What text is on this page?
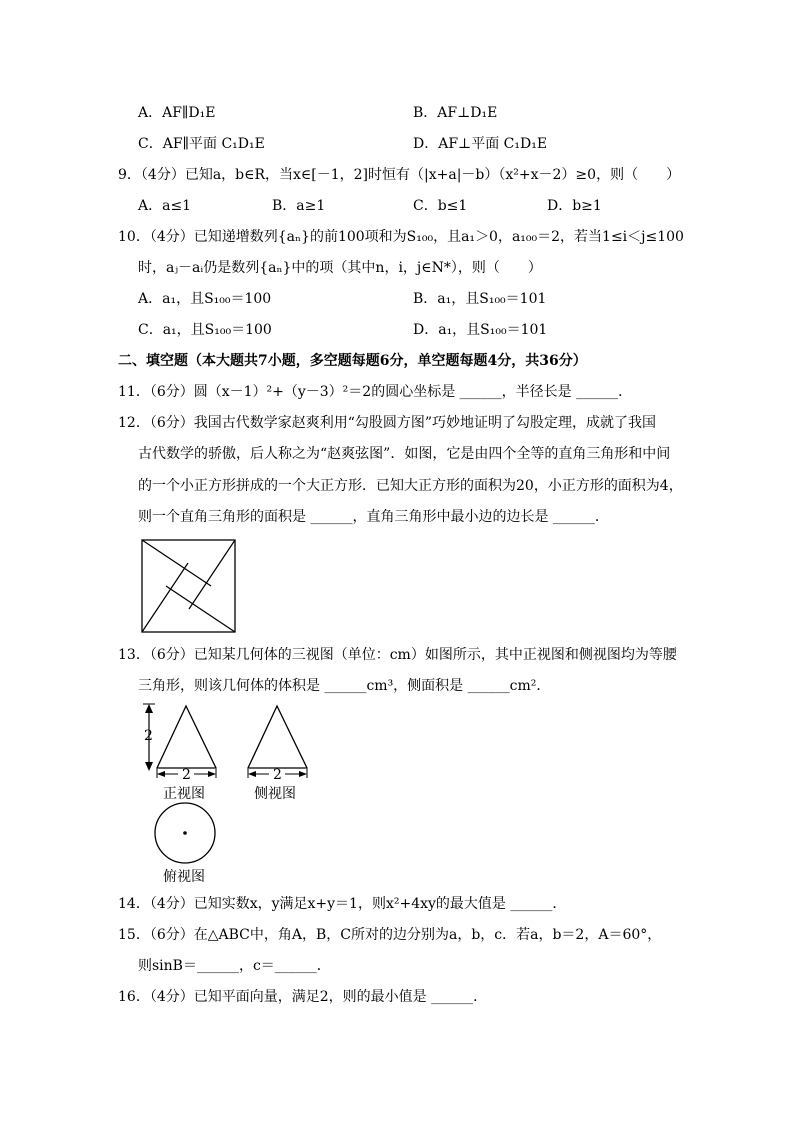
A．AF∥D₁E	B．AF⊥D₁E
C．AF∥平面 C₁D₁E	D．AF⊥平面 C₁D₁E
9．（4分）已知a，b∈R，当x∈[－1，2]时恒有（|x+a|－b）（x²+x－2）≥0，则（　　）
A．a≤1	B．a≥1	C．b≤1	D．b≥1
10．（4分）已知递增数列{aₙ}的前100项和为S₁₀₀，且a₁＞0，a₁₀₀＝2，若当1≤i＜j≤100
时，aⱼ－aᵢ仍是数列{aₙ}中的项（其中n，i，j∈N*），则（　　）
A．a₁，且S₁₀₀＝100	B．a₁，且S₁₀₀＝101
C．a₁，且S₁₀₀＝100	D．a₁，且S₁₀₀＝101
二、填空题（本大题共7小题，多空题每题6分，单空题每题4分，共36分）
11．（6分）圆（x－1）²+（y－3）²＝2的圆心坐标是 ______，半径长是 ______．
12．（6分）我国古代数学家赵爽利用“勾股圆方图”巧妙地证明了勾股定理，成就了我国
古代数学的骄傲，后人称之为“赵爽弦图”．如图，它是由四个全等的直角三角形和中间
的一个小正方形拼成的一个大正方形．已知大正方形的面积为20，小正方形的面积为4，
则一个直角三角形的面积是 ______，直角三角形中最小边的边长是 ______．
13．（6分）已知某几何体的三视图（单位：cm）如图所示，其中正视图和侧视图均为等腰
三角形，则该几何体的体积是 ______cm³，侧面积是 ______cm²．
2
2	2
正视图	侧视图
俯视图
14．（4分）已知实数x，y满足x+y＝1，则x²+4xy的最大值是 ______．
15．（6分）在△ABC中，角A，B，C所对的边分别为a，b，c．若a，b＝2，A＝60°，
则sinB＝______，c＝______．
16．（4分）已知平面向量，满足2，则的最小值是 ______．
